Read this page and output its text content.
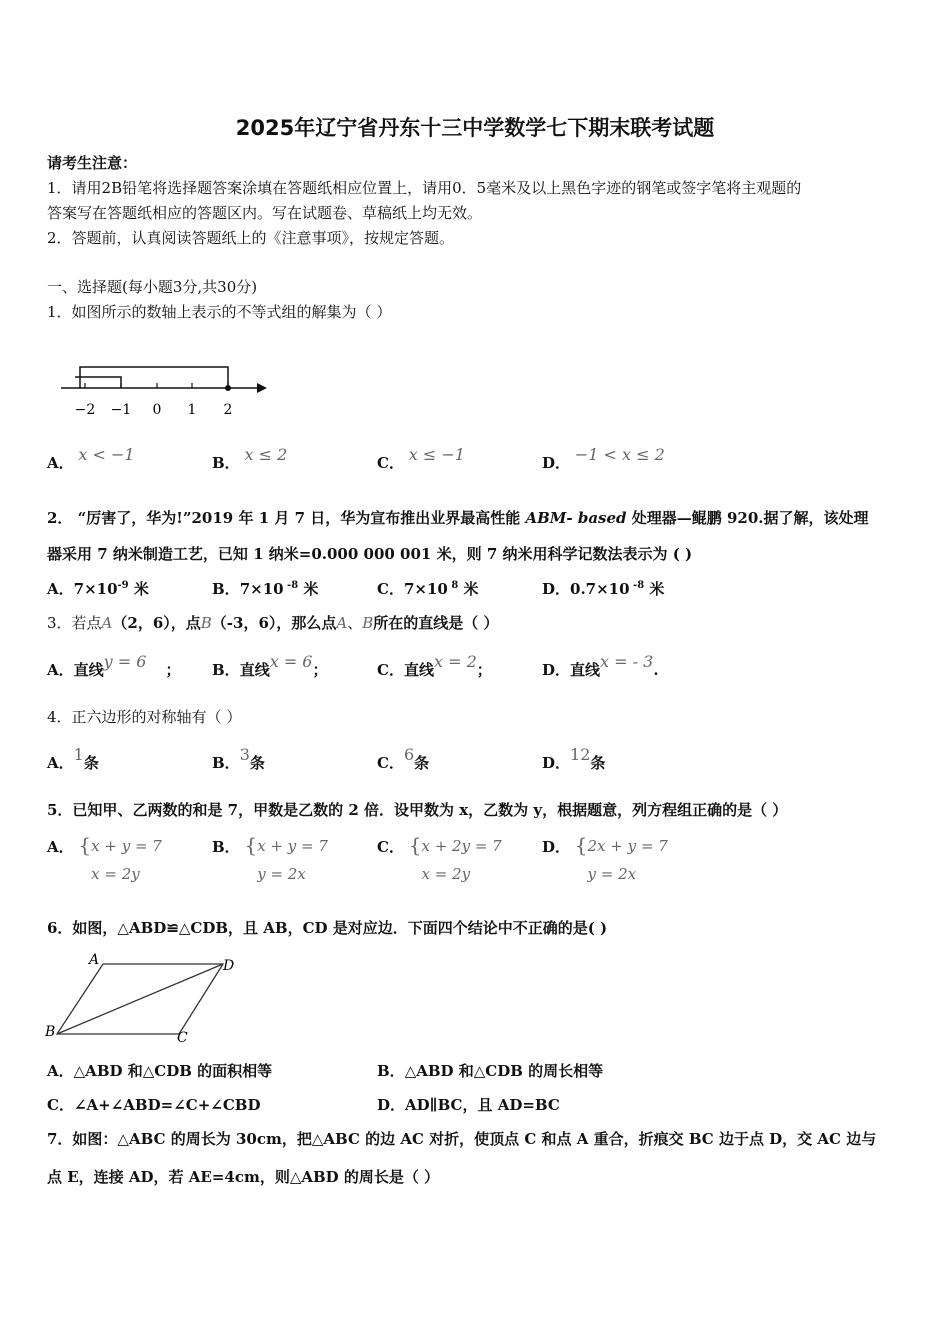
2025年辽宁省丹东十三中学数学七下期末联考试题
请考生注意：
1．请用2B铅笔将选择题答案涂填在答题纸相应位置上，请用0．5毫米及以上黑色字迹的钢笔或签字笔将主观题的
答案写在答题纸相应的答题区内。写在试题卷、草稿纸上均无效。
2．答题前，认真阅读答题纸上的《注意事项》，按规定答题。
一、选择题(每小题3分,共30分)
1．如图所示的数轴上表示的不等式组的解集为（ ）
−2 −1 0 1 2
A． x < −1	B． x ≤ 2	C． x ≤ −1	D． −1 < x ≤ 2
2． “厉害了，华为!”2019 年 1 月 7 日，华为宣布推出业界最高性能 ABM- based 处理器—鲲鹏 920.据了解，该处理
器采用 7 纳米制造工艺，已知 1 纳米=0.000 000 001 米，则 7 纳米用科学记数法表示为 ( )
A．$7\times 10^{-9}$ 米	B．7×10 $^{-8}$ 米	C．7×10 $^8$ 米	D．0.7×10 $^{-8}$ 米
3．若点A（2，6），点B（-3，6），那么点A、B所在的直线是（ ）
A．直线y = 6 ； B．直线x = 6；	C．直线x = 2；	D．直线x = - 3.
4．正六边形的对称轴有（ ）
A．1条	B．3条	C．6条	D．12条
5．已知甲、乙两数的和是 7，甲数是乙数的 2 倍．设甲数为 x，乙数为 y，根据题意，列方程组正确的是（ ）
A． {x + y = 7
x = 2y
B． {x + y = 7
y = 2x
C． {x + 2y = 7
x = 2y
D． {2x + y = 7
y = 2x
6．如图，△ABD≌△CDB，且 AB，CD 是对应边．下面四个结论中不正确的是( )
A	D
B	C
A．△ABD 和△CDB 的面积相等	B．△ABD 和△CDB 的周长相等
C．∠A+∠ABD=∠C+∠CBD	D．AD∥BC，且 AD=BC
7．如图：△ABC 的周长为 30cm，把△ABC 的边 AC 对折，使顶点 C 和点 A 重合，折痕交 BC 边于点 D，交 AC 边与
点 E，连接 AD，若 AE=4cm，则△ABD 的周长是（ ）
